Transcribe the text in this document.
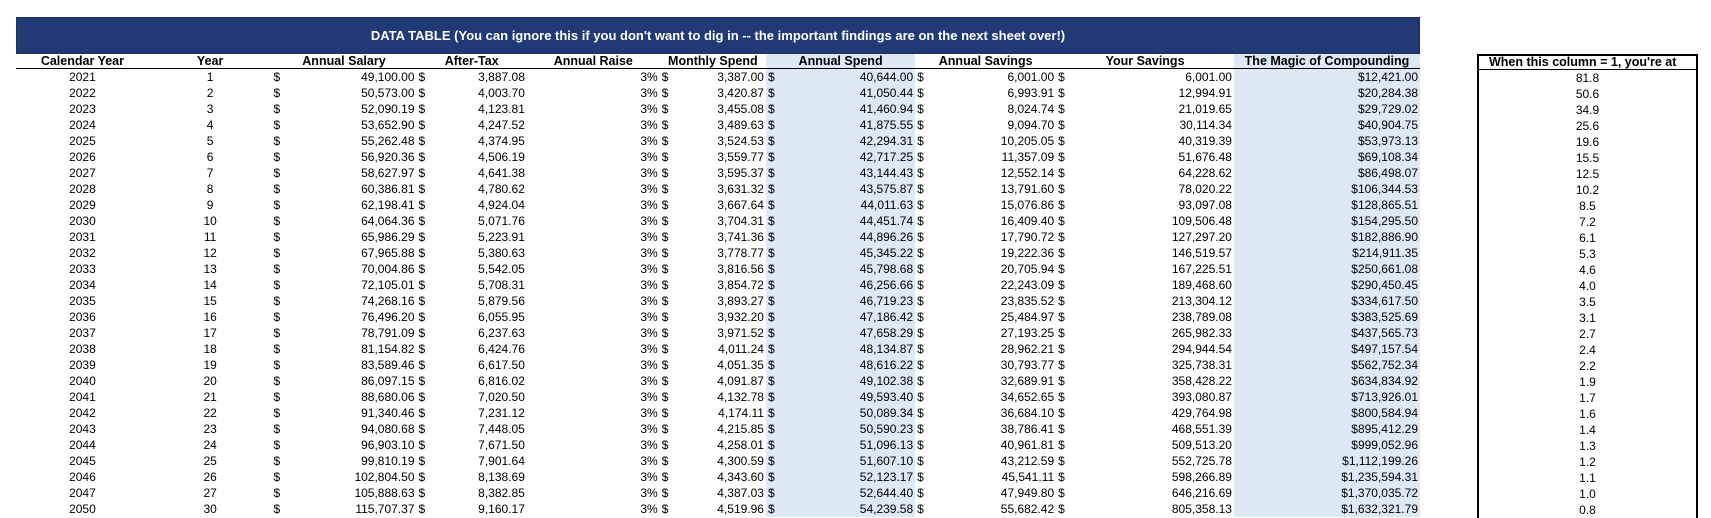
DATA TABLE (You can ignore this if you don't want to dig in -- the important findings are on the next sheet over!)
Calendar Year	Year	Annual Salary		After-Tax		Annual Raise	Monthly Spend		Annual Spend		Annual Savings		Your Savings		The Magic of Compounding
2021	1	$	49,100.00	$	3,887.08	3%	$	3,387.00	$	40,644.00	$	6,001.00	$	6,001.00	$12,421.00
2022	2	$	50,573.00	$	4,003.70	3%	$	3,420.87	$	41,050.44	$	6,993.91	$	12,994.91	$20,284.38
2023	3	$	52,090.19	$	4,123.81	3%	$	3,455.08	$	41,460.94	$	8,024.74	$	21,019.65	$29,729.02
2024	4	$	53,652.90	$	4,247.52	3%	$	3,489.63	$	41,875.55	$	9,094.70	$	30,114.34	$40,904.75
2025	5	$	55,262.48	$	4,374.95	3%	$	3,524.53	$	42,294.31	$	10,205.05	$	40,319.39	$53,973.13
2026	6	$	56,920.36	$	4,506.19	3%	$	3,559.77	$	42,717.25	$	11,357.09	$	51,676.48	$69,108.34
2027	7	$	58,627.97	$	4,641.38	3%	$	3,595.37	$	43,144.43	$	12,552.14	$	64,228.62	$86,498.07
2028	8	$	60,386.81	$	4,780.62	3%	$	3,631.32	$	43,575.87	$	13,791.60	$	78,020.22	$106,344.53
2029	9	$	62,198.41	$	4,924.04	3%	$	3,667.64	$	44,011.63	$	15,076.86	$	93,097.08	$128,865.51
2030	10	$	64,064.36	$	5,071.76	3%	$	3,704.31	$	44,451.74	$	16,409.40	$	109,506.48	$154,295.50
2031	11	$	65,986.29	$	5,223.91	3%	$	3,741.36	$	44,896.26	$	17,790.72	$	127,297.20	$182,886.90
2032	12	$	67,965.88	$	5,380.63	3%	$	3,778.77	$	45,345.22	$	19,222.36	$	146,519.57	$214,911.35
2033	13	$	70,004.86	$	5,542.05	3%	$	3,816.56	$	45,798.68	$	20,705.94	$	167,225.51	$250,661.08
2034	14	$	72,105.01	$	5,708.31	3%	$	3,854.72	$	46,256.66	$	22,243.09	$	189,468.60	$290,450.45
2035	15	$	74,268.16	$	5,879.56	3%	$	3,893.27	$	46,719.23	$	23,835.52	$	213,304.12	$334,617.50
2036	16	$	76,496.20	$	6,055.95	3%	$	3,932.20	$	47,186.42	$	25,484.97	$	238,789.08	$383,525.69
2037	17	$	78,791.09	$	6,237.63	3%	$	3,971.52	$	47,658.29	$	27,193.25	$	265,982.33	$437,565.73
2038	18	$	81,154.82	$	6,424.76	3%	$	4,011.24	$	48,134.87	$	28,962.21	$	294,944.54	$497,157.54
2039	19	$	83,589.46	$	6,617.50	3%	$	4,051.35	$	48,616.22	$	30,793.77	$	325,738.31	$562,752.34
2040	20	$	86,097.15	$	6,816.02	3%	$	4,091.87	$	49,102.38	$	32,689.91	$	358,428.22	$634,834.92
2041	21	$	88,680.06	$	7,020.50	3%	$	4,132.78	$	49,593.40	$	34,652.65	$	393,080.87	$713,926.01
2042	22	$	91,340.46	$	7,231.12	3%	$	4,174.11	$	50,089.34	$	36,684.10	$	429,764.98	$800,584.94
2043	23	$	94,080.68	$	7,448.05	3%	$	4,215.85	$	50,590.23	$	38,786.41	$	468,551.39	$895,412.29
2044	24	$	96,903.10	$	7,671.50	3%	$	4,258.01	$	51,096.13	$	40,961.81	$	509,513.20	$999,052.96
2045	25	$	99,810.19	$	7,901.64	3%	$	4,300.59	$	51,607.10	$	43,212.59	$	552,725.78	$1,112,199.26
2046	26	$	102,804.50	$	8,138.69	3%	$	4,343.60	$	52,123.17	$	45,541.11	$	598,266.89	$1,235,594.31
2047	27	$	105,888.63	$	8,382.85	3%	$	4,387.03	$	52,644.40	$	47,949.80	$	646,216.69	$1,370,035.72
2050	30	$	115,707.37	$	9,160.17	3%	$	4,519.96	$	54,239.58	$	55,682.42	$	805,358.13	$1,632,321.79
When this column = 1, you're at
81.8
50.6
34.9
25.6
19.6
15.5
12.5
10.2
8.5
7.2
6.1
5.3
4.6
4.0
3.5
3.1
2.7
2.4
2.2
1.9
1.7
1.6
1.4
1.3
1.2
1.1
1.0
0.8
